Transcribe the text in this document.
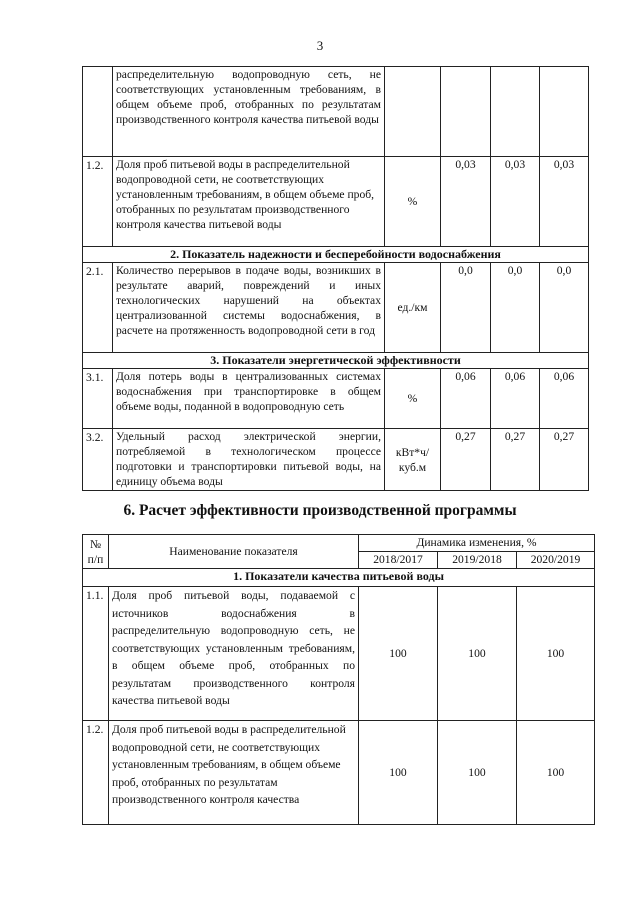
3
	распределительную водопроводную сеть, не соответствующих установленным требованиям, в общем объеме проб, отобранных по результатам производственного контроля качества питьевой воды				
1.2.	Доля проб питьевой воды в распределительной водопроводной сети, не соответствующих установленным требованиям, в общем объеме проб, отобранных по результатам производственного контроля качества питьевой воды	%	0,03	0,03	0,03
2. Показатель надежности и бесперебойности водоснабжения					
2.1.	Количество перерывов в подаче воды, возникших в результате аварий, повреждений и иных технологических нарушений на объектах централизованной системы водоснабжения, в расчете на протяженность водопроводной сети в год	ед./км	0,0	0,0	0,0
3. Показатели энергетической эффективности					
3.1.	Доля потерь воды в централизованных системах водоснабжения при транспортировке в общем объеме воды, поданной в водопроводную сеть	%	0,06	0,06	0,06
3.2.	Удельный расход электрической энергии, потребляемой в технологическом процессе подготовки и транспортировки питьевой воды, на единицу объема воды	кВт*ч/ куб.м	0,27	0,27	0,27
6. Расчет эффективности производственной программы
№ п/п	Наименование показателя	Динамика изменения, %		
		2018/2017	2019/2018	2020/2019
1. Показатели качества питьевой воды				
1.1.	Доля проб питьевой воды, подаваемой с источников водоснабжения в распределительную водопроводную сеть, не соответствующих установленным требованиям, в общем объеме проб, отобранных по результатам производственного контроля качества питьевой воды	100	100	100
1.2.	Доля проб питьевой воды в распределительной водопроводной сети, не соответствующих установленным требованиям, в общем объеме проб, отобранных по результатам производственного контроля качества	100	100	100
